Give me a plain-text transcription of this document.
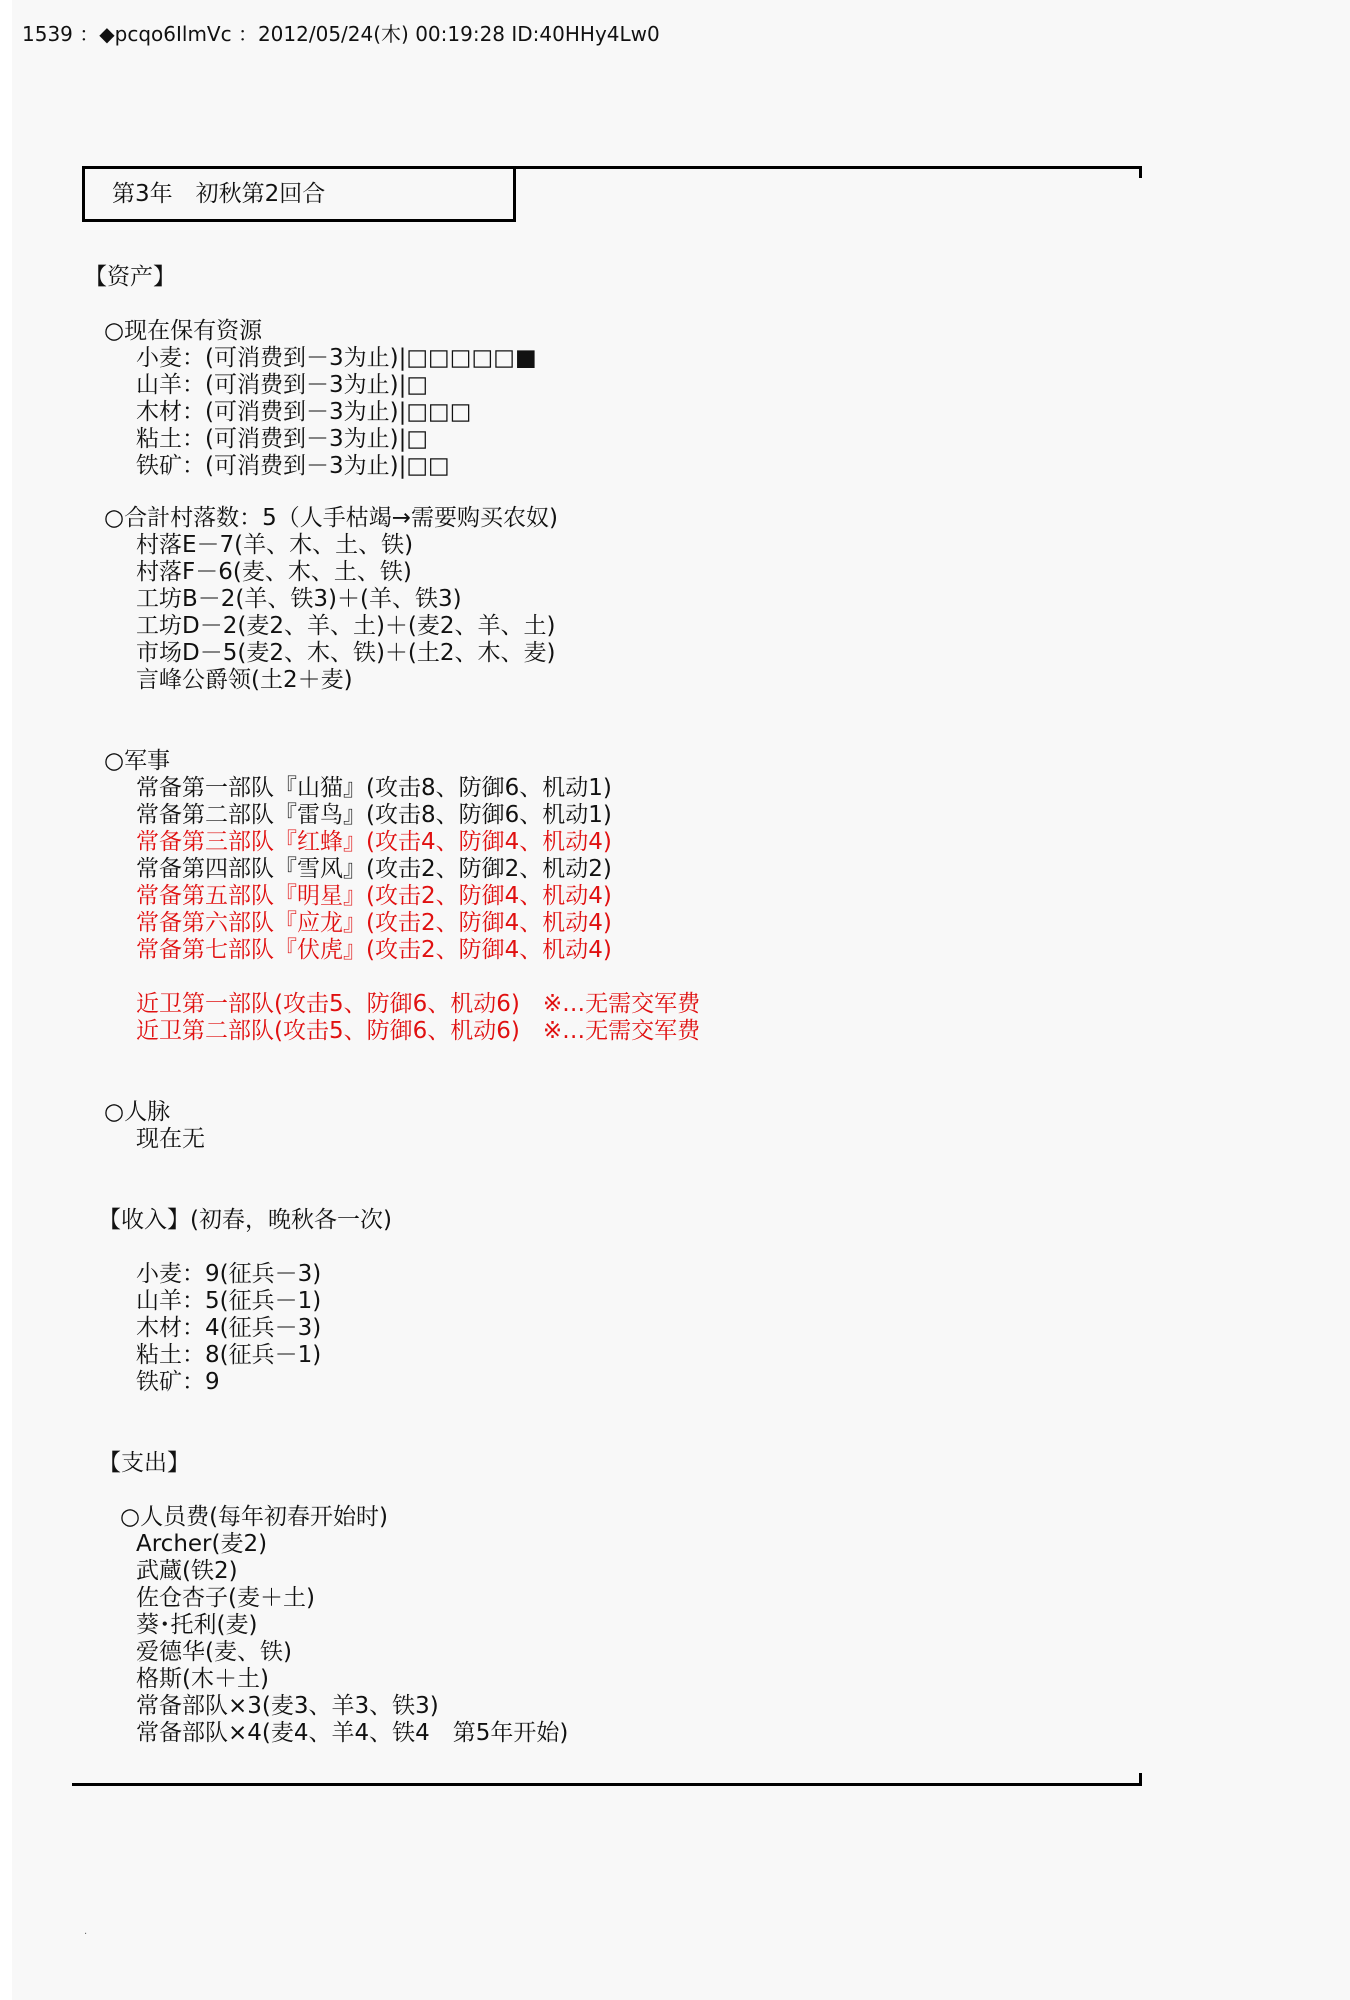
1539 ：◆pcqo6IlmVc ：2012/05/24(木) 00:19:28 ID:40HHy4Lw0
第3年　初秋第2回合
【资产】
○现在保有资源
小麦：(可消费到－3为止)|□□□□□■
山羊：(可消费到－3为止)|□
木材：(可消费到－3为止)|□□□
粘土：(可消费到－3为止)|□
铁矿：(可消费到－3为止)|□□
○合計村落数：5（人手枯竭→需要购买农奴)
村落E－7(羊、木、土、铁)
村落F－6(麦、木、土、铁)
工坊B－2(羊、铁3)＋(羊、铁3)
工坊D－2(麦2、羊、土)＋(麦2、羊、土)
市场D－5(麦2、木、铁)＋(土2、木、麦)
言峰公爵领(土2＋麦)
○军事
常备第一部队『山猫』(攻击8、防御6、机动1)
常备第二部队『雷鸟』(攻击8、防御6、机动1)
常备第三部队『红蜂』(攻击4、防御4、机动4)
常备第四部队『雪风』(攻击2、防御2、机动2)
常备第五部队『明星』(攻击2、防御4、机动4)
常备第六部队『应龙』(攻击2、防御4、机动4)
常备第七部队『伏虎』(攻击2、防御4、机动4)
近卫第一部队(攻击5、防御6、机动6)　※…无需交军费
近卫第二部队(攻击5、防御6、机动6)　※…无需交军费
○人脉
现在无
【收入】(初春，晚秋各一次)
小麦：9(征兵－3)
山羊：5(征兵－1)
木材：4(征兵－3)
粘土：8(征兵－1)
铁矿：9
【支出】
○人员费(每年初春开始时)
Archer(麦2)
武蔵(铁2)
佐仓杏子(麦＋土)
葵･托利(麦)
爱德华(麦、铁)
格斯(木＋土)
常备部队×3(麦3、羊3、铁3)
常备部队×4(麦4、羊4、铁4　第5年开始)
.
